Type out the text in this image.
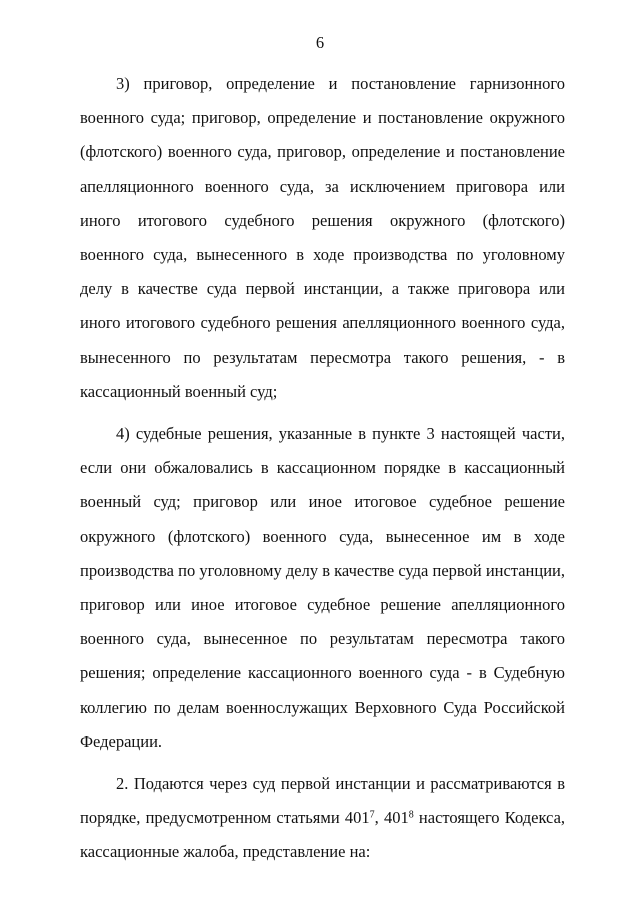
6

3) приговор, определение и постановление гарнизонного военного суда; приговор, определение и постановление окружного (флотского) военного суда, приговор, определение и постановление апелляционного военного суда, за исключением приговора или иного итогового судебного решения окружного (флотского) военного суда, вынесенного в ходе производства по уголовному делу в качестве суда первой инстанции, а также приговора или иного итогового судебного решения апелляционного военного суда, вынесенного по результатам пересмотра такого решения, - в кассационный военный суд;

4) судебные решения, указанные в пункте 3 настоящей части, если они обжаловались в кассационном порядке в кассационный военный суд; приговор или иное итоговое судебное решение окружного (флотского) военного суда, вынесенное им в ходе производства по уголовному делу в качестве суда первой инстанции, приговор или иное итоговое судебное решение апелляционного военного суда, вынесенное по результатам пересмотра такого решения; определение кассационного военного суда - в Судебную коллегию по делам военнослужащих Верховного Суда Российской Федерации.

2. Подаются через суд первой инстанции и рассматриваются в порядке, предусмотренном статьями $401^7$, $401^8$ настоящего Кодекса, кассационные жалоба, представление на:
